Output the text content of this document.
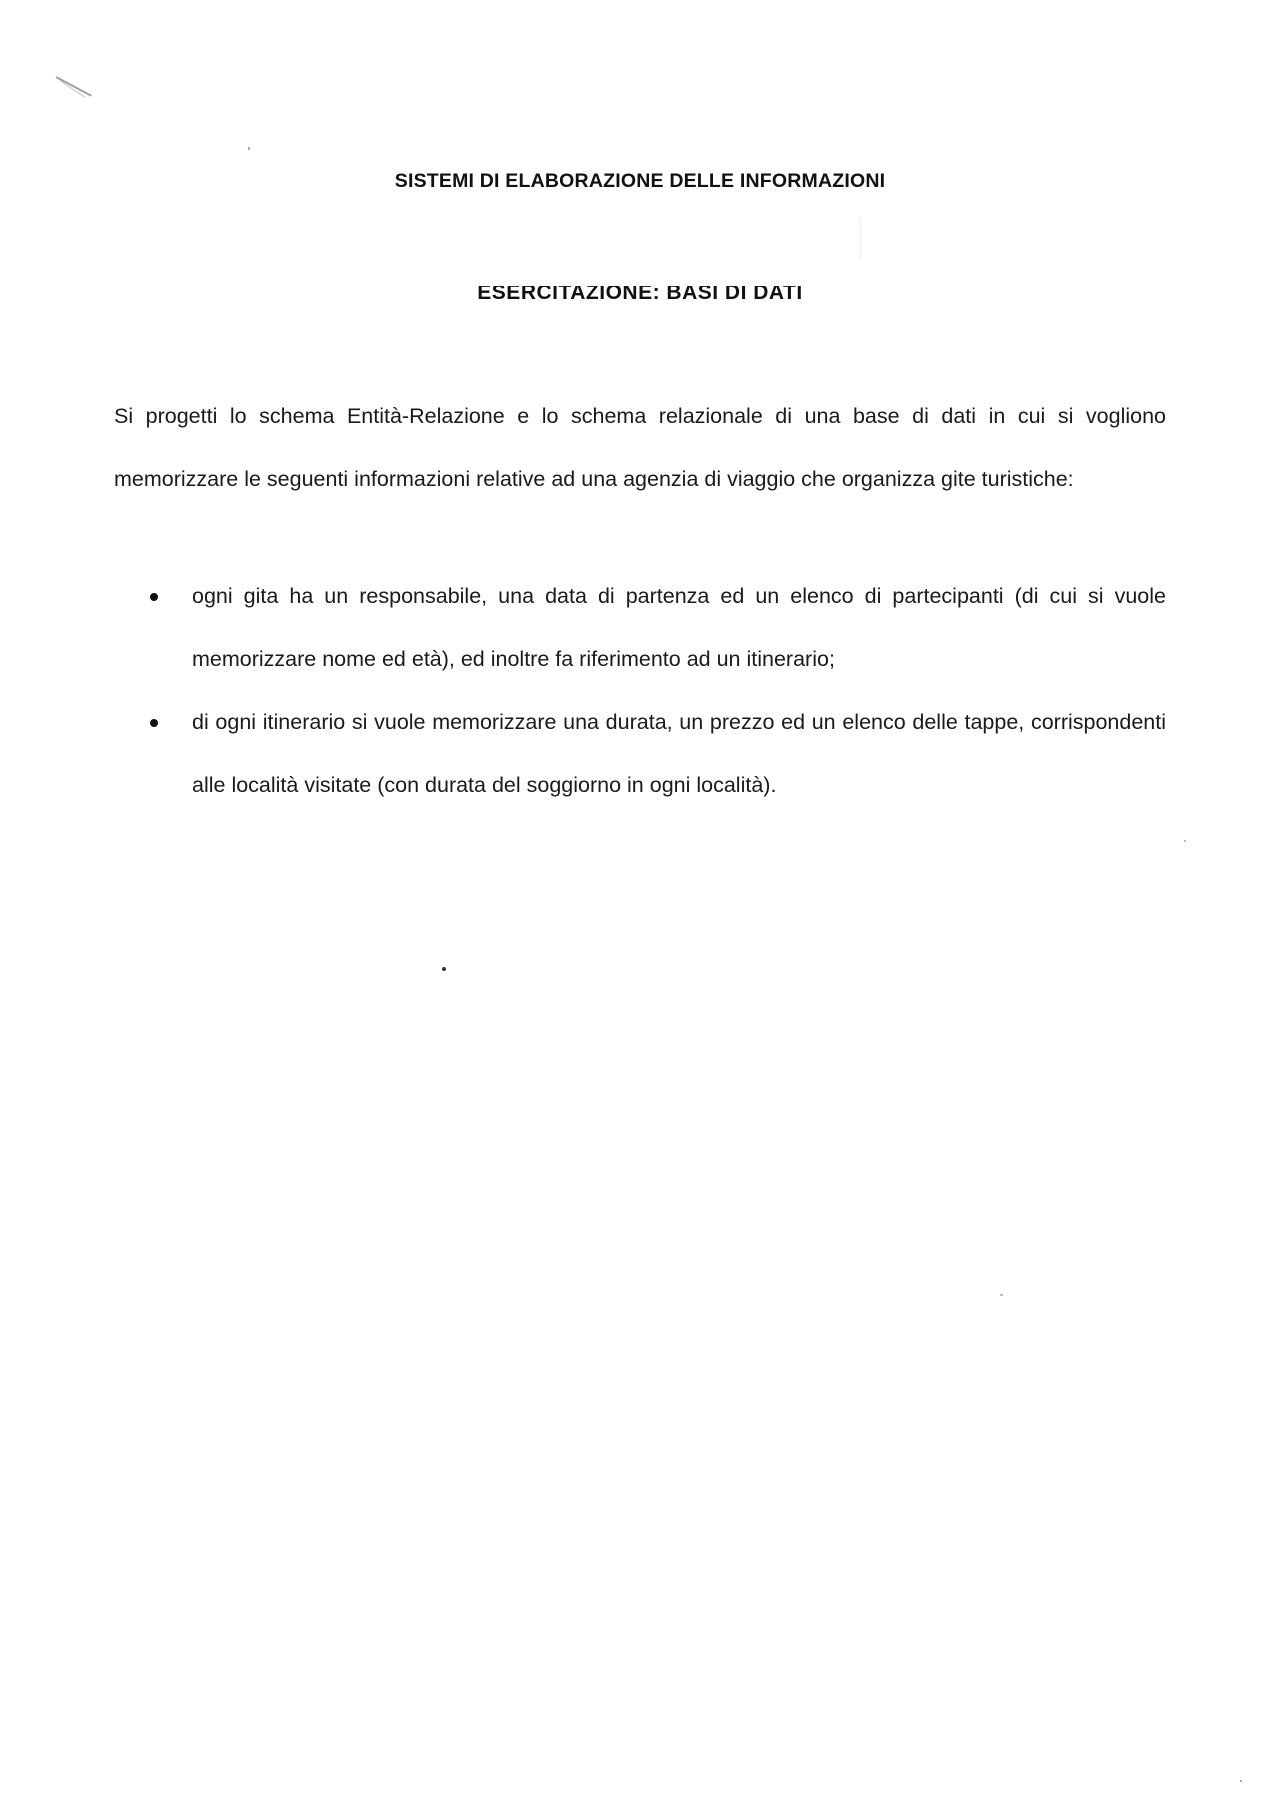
SISTEMI DI ELABORAZIONE DELLE INFORMAZIONI
ESERCITAZIONE: BASI DI DATI
Si progetti lo schema Entità-Relazione e lo schema relazionale di una base di dati in cui si vogliono memorizzare le seguenti informazioni relative ad una agenzia di viaggio che organizza gite turistiche:
ogni gita ha un responsabile, una data di partenza ed un elenco di partecipanti (di cui si vuole memorizzare nome ed età), ed inoltre fa riferimento ad un itinerario;
di ogni itinerario si vuole memorizzare una durata, un prezzo ed un elenco delle tappe, corrispondenti alle località visitate (con durata del soggiorno in ogni località).
